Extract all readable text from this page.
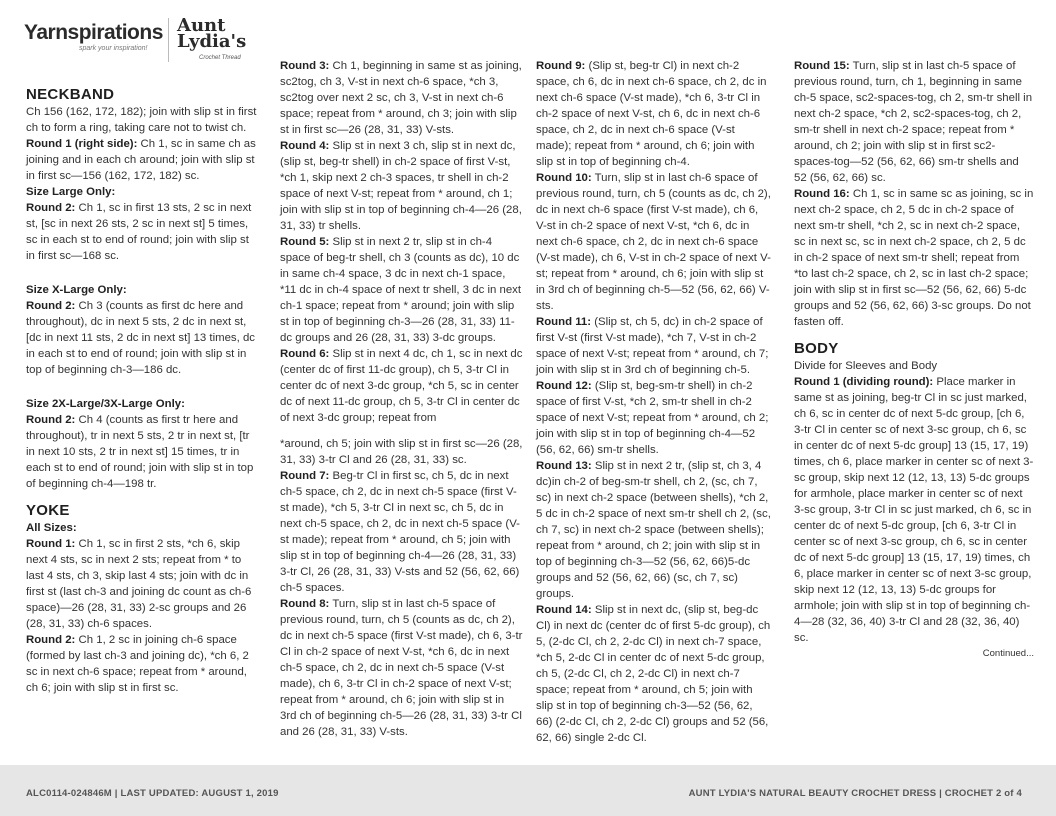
Yarnspirations
spark your inspiration!
Aunt Lydia's
Crochet Thread
NECKBAND

Ch 156 (162, 172, 182); join with slip st in first ch to form a ring, taking care not to twist ch.

Round 1 (right side): Ch 1, sc in same ch as joining and in each ch around; join with slip st in first sc—156 (162, 172, 182) sc.

Size Large Only:

Round 2: Ch 1, sc in first 13 sts, 2 sc in next st, [sc in next 26 sts, 2 sc in next st] 5 times, sc in each st to end of round; join with slip st in first sc—168 sc.

Size X-Large Only:

Round 2: Ch 3 (counts as first dc here and throughout), dc in next 5 sts, 2 dc in next st, [dc in next 11 sts, 2 dc in next st] 13 times, dc in each st to end of round; join with slip st in top of beginning ch-3—186 dc.

Size 2X-Large/3X-Large Only:

Round 2: Ch 4 (counts as first tr here and throughout), tr in next 5 sts, 2 tr in next st, [tr in next 10 sts, 2 tr in next st] 15 times, tr in each st to end of round; join with slip st in top of beginning ch-4—198 tr.

YOKE

All Sizes:

Round 1: Ch 1, sc in first 2 sts, *ch 6, skip next 4 sts, sc in next 2 sts; repeat from * to last 4 sts, ch 3, skip last 4 sts; join with dc in first st (last ch-3 and joining dc count as ch-6 space)—26 (28, 31, 33) 2-sc groups and 26 (28, 31, 33) ch-6 spaces.

Round 2: Ch 1, 2 sc in joining ch-6 space (formed by last ch-3 and joining dc), *ch 6, 2 sc in next ch-6 space; repeat from * around, ch 6; join with slip st in first sc.

Round 3: Ch 1, beginning in same st as joining, sc2tog, ch 3, V-st in next ch-6 space, *ch 3, sc2tog over next 2 sc, ch 3, V-st in next ch-6 space; repeat from * around, ch 3; join with slip st in first sc—26 (28, 31, 33) V-sts.

Round 4: Slip st in next 3 ch, slip st in next dc, (slip st, beg-tr shell) in ch-2 space of first V-st, *ch 1, skip next 2 ch-3 spaces, tr shell in ch-2 space of next V-st; repeat from * around, ch 1; join with slip st in top of beginning ch-4—26 (28, 31, 33) tr shells.

Round 5: Slip st in next 2 tr, slip st in ch-4 space of beg-tr shell, ch 3 (counts as dc), 10 dc in same ch-4 space, 3 dc in next ch-1 space, *11 dc in ch-4 space of next tr shell, 3 dc in next ch-1 space; repeat from * around; join with slip st in top of beginning ch-3—26 (28, 31, 33) 11-dc groups and 26 (28, 31, 33) 3-dc groups.

Round 6: Slip st in next 4 dc, ch 1, sc in next dc (center dc of first 11-dc group), ch 5, 3-tr Cl in center dc of next 3-dc group, *ch 5, sc in center dc of next 11-dc group, ch 5, 3-tr Cl in center dc of next 3-dc group; repeat from

*around, ch 5; join with slip st in first sc—26 (28, 31, 33) 3-tr Cl and 26 (28, 31, 33) sc.

Round 7: Beg-tr Cl in first sc, ch 5, dc in next ch-5 space, ch 2, dc in next ch-5 space (first V-st made), *ch 5, 3-tr Cl in next sc, ch 5, dc in next ch-5 space, ch 2, dc in next ch-5 space (V-st made); repeat from * around, ch 5; join with slip st in top of beginning ch-4—26 (28, 31, 33) 3-tr Cl, 26 (28, 31, 33) V-sts and 52 (56, 62, 66) ch-5 spaces.

Round 8: Turn, slip st in last ch-5 space of previous round, turn, ch 5 (counts as dc, ch 2), dc in next ch-5 space (first V-st made), ch 6, 3-tr Cl in ch-2 space of next V-st, *ch 6, dc in next ch-5 space, ch 2, dc in next ch-5 space (V-st made), ch 6, 3-tr Cl in ch-2 space of next V-st; repeat from * around, ch 6; join with slip st in 3rd ch of beginning ch-5—26 (28, 31, 33) 3-tr Cl and 26 (28, 31, 33) V-sts.

Round 9: (Slip st, beg-tr Cl) in next ch-2 space, ch 6, dc in next ch-6 space, ch 2, dc in next ch-6 space (V-st made), *ch 6, 3-tr Cl in ch-2 space of next V-st, ch 6, dc in next ch-6 space, ch 2, dc in next ch-6 space (V-st made); repeat from * around, ch 6; join with slip st in top of beginning ch-4.

Round 10: Turn, slip st in last ch-6 space of previous round, turn, ch 5 (counts as dc, ch 2), dc in next ch-6 space (first V-st made), ch 6, V-st in ch-2 space of next V-st, *ch 6, dc in next ch-6 space, ch 2, dc in next ch-6 space (V-st made), ch 6, V-st in ch-2 space of next V-st; repeat from * around, ch 6; join with slip st in 3rd ch of beginning ch-5—52 (56, 62, 66) V-sts.

Round 11: (Slip st, ch 5, dc) in ch-2 space of first V-st (first V-st made), *ch 7, V-st in ch-2 space of next V-st; repeat from * around, ch 7; join with slip st in 3rd ch of beginning ch-5.

Round 12: (Slip st, beg-sm-tr shell) in ch-2 space of first V-st, *ch 2, sm-tr shell in ch-2 space of next V-st; repeat from * around, ch 2; join with slip st in top of beginning ch-4—52 (56, 62, 66) sm-tr shells.

Round 13: Slip st in next 2 tr, (slip st, ch 3, 4 dc)in ch-2 of beg-sm-tr shell, ch 2, (sc, ch 7, sc) in next ch-2 space (between shells), *ch 2, 5 dc in ch-2 space of next sm-tr shell ch 2, (sc, ch 7, sc) in next ch-2 space (between shells); repeat from * around, ch 2; join with slip st in top of beginning ch-3—52 (56, 62, 66)5-dc groups and 52 (56, 62, 66) (sc, ch 7, sc) groups.

Round 14: Slip st in next dc, (slip st, beg-dc Cl) in next dc (center dc of first 5-dc group), ch 5, (2-dc Cl, ch 2, 2-dc Cl) in next ch-7 space, *ch 5, 2-dc Cl in center dc of next 5-dc group, ch 5, (2-dc Cl, ch 2, 2-dc Cl) in next ch-7 space; repeat from * around, ch 5; join with slip st in top of beginning ch-3—52 (56, 62, 66) (2-dc Cl, ch 2, 2-dc Cl) groups and 52 (56, 62, 66) single 2-dc Cl.

Round 15: Turn, slip st in last ch-5 space of previous round, turn, ch 1, beginning in same ch-5 space, sc2-spaces-tog, ch 2, sm-tr shell in next ch-2 space, *ch 2, sc2-spaces-tog, ch 2, sm-tr shell in next ch-2 space; repeat from * around, ch 2; join with slip st in first sc2-spaces-tog—52 (56, 62, 66) sm-tr shells and 52 (56, 62, 66) sc.

Round 16: Ch 1, sc in same sc as joining, sc in next ch-2 space, ch 2, 5 dc in ch-2 space of next sm-tr shell, *ch 2, sc in next ch-2 space, sc in next sc, sc in next ch-2 space, ch 2, 5 dc in ch-2 space of next sm-tr shell; repeat from

*to last ch-2 space, ch 2, sc in last ch-2 space; join with slip st in first sc—52 (56, 62, 66) 5-dc groups and 52 (56, 62, 66) 3-sc groups. Do not fasten off.

BODY

Divide for Sleeves and Body

Round 1 (dividing round): Place marker in same st as joining, beg-tr Cl in sc just marked, ch 6, sc in center dc of next 5-dc group, [ch 6, 3-tr Cl in center sc of next 3-sc group, ch 6, sc in center dc of next 5-dc group] 13 (15, 17, 19) times, ch 6, place marker in center sc of next 3-sc group, skip next 12 (12, 13, 13) 5-dc groups for armhole, place marker in center sc of next 3-sc group, 3-tr Cl in sc just marked, ch 6, sc in center dc of next 5-dc group, [ch 6, 3-tr Cl in center sc of next 3-sc group, ch 6, sc in center dc of next 5-dc group] 13 (15, 17, 19) times, ch 6, place marker in center sc of next 3-sc group, skip next 12 (12, 13, 13) 5-dc groups for armhole; join with slip st in top of beginning ch-4—28 (32, 36, 40) 3-tr Cl and 28 (32, 36, 40) sc.

Continued...

ALC0114-024846M | LAST UPDATED: AUGUST 1, 2019	AUNT LYDIA'S NATURAL BEAUTY CROCHET DRESS | CROCHET 2 of 4
